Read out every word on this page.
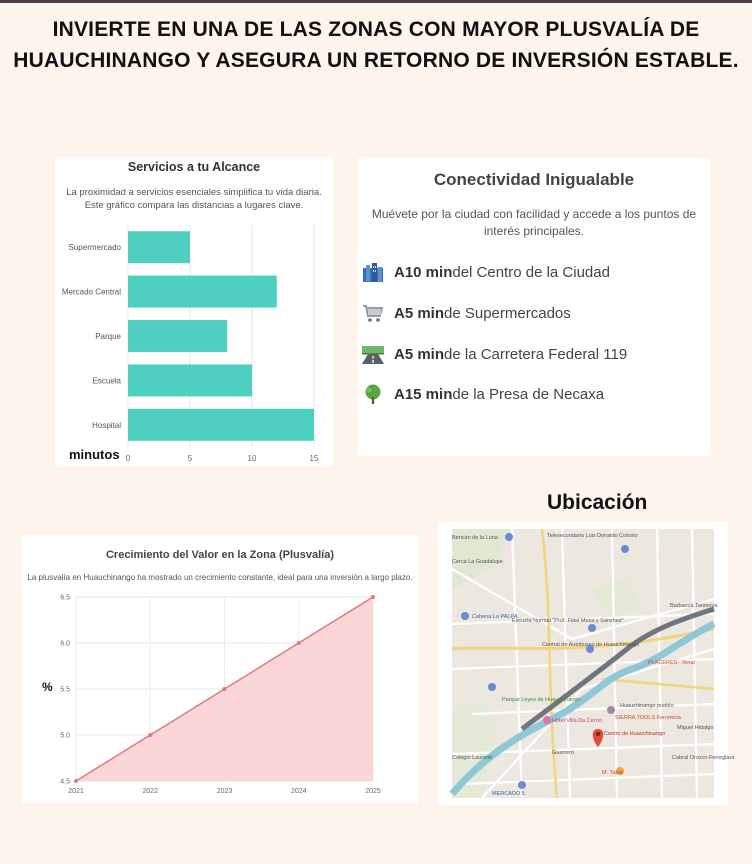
INVIERTE EN UNA DE LAS ZONAS CON MAYOR PLUSVALÍA DE
HUAUCHINANGO Y ASEGURA UN RETORNO DE INVERSIÓN ESTABLE.
Servicios a tu Alcance
La proximidad a servicios esenciales simplifica tu vida diaria.
Este gráfico compara las distancias a lugares clave.
0	5	10	15
Supermercado
Mercado Central
Parque
Escuela
Hospital
minutos
Conectividad Inigualable
Muévete por la ciudad con facilidad y accede a los puntos de interés principales.
A10 mindel Centro de la Ciudad
A5 minde Supermercados
A5 minde la Carretera Federal 119
A15 minde la Presa de Necaxa
Ubicación
Bencán de la Luna	Telesecundaria Luis Donaldo Colosio
Cerca La Guadalupe
Cebena La PALPA
Escuela Normal "Prof. Fidel Meza y Sánchez"
Central de Autobuses de Huauchinango
Barbacoa Tarimoya
PLACERES · Rinal
Parque Leyes de Huauchinango
Huauchinango pueblo
Hotel Villa Da Cerno SIERRA TOOLS Ferretería
Centro de Huauchinango
Colegio Laurenti
Guerrero
M. Tapia
MERCADO 5
Cabral Orozco Ferreglara
Miguel Hidalgo
Crecimiento del Valor en la Zona (Plusvalía)
La plusvalía en Huauchinango ha mostrado un crecimiento constante, ideal para una inversión a largo plazo.
4.5
5.0
5.5
6.0
6.5
2021	2022	2023	2024	2025
%
